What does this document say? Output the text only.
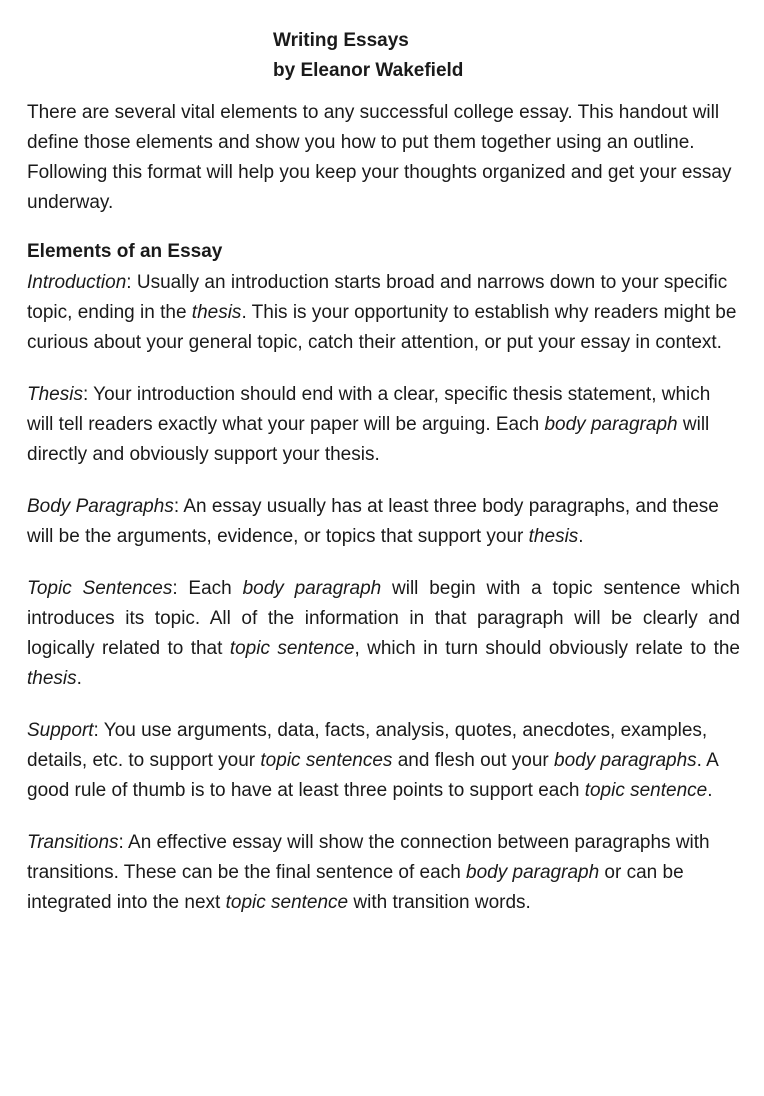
Writing Essays
by Eleanor Wakefield

There are several vital elements to any successful college essay. This handout will define those elements and show you how to put them together using an outline. Following this format will help you keep your thoughts organized and get your essay underway.

Elements of an Essay

Introduction: Usually an introduction starts broad and narrows down to your specific topic, ending in the thesis. This is your opportunity to establish why readers might be curious about your general topic, catch their attention, or put your essay in context.

Thesis: Your introduction should end with a clear, specific thesis statement, which will tell readers exactly what your paper will be arguing. Each body paragraph will directly and obviously support your thesis.

Body Paragraphs: An essay usually has at least three body paragraphs, and these will be the arguments, evidence, or topics that support your thesis.

Topic Sentences: Each body paragraph will begin with a topic sentence which introduces its topic. All of the information in that paragraph will be clearly and logically related to that topic sentence, which in turn should obviously relate to the thesis.

Support: You use arguments, data, facts, analysis, quotes, anecdotes, examples, details, etc. to support your topic sentences and flesh out your body paragraphs. A good rule of thumb is to have at least three points to support each topic sentence.

Transitions: An effective essay will show the connection between paragraphs with transitions. These can be the final sentence of each body paragraph or can be integrated into the next topic sentence with transition words.
